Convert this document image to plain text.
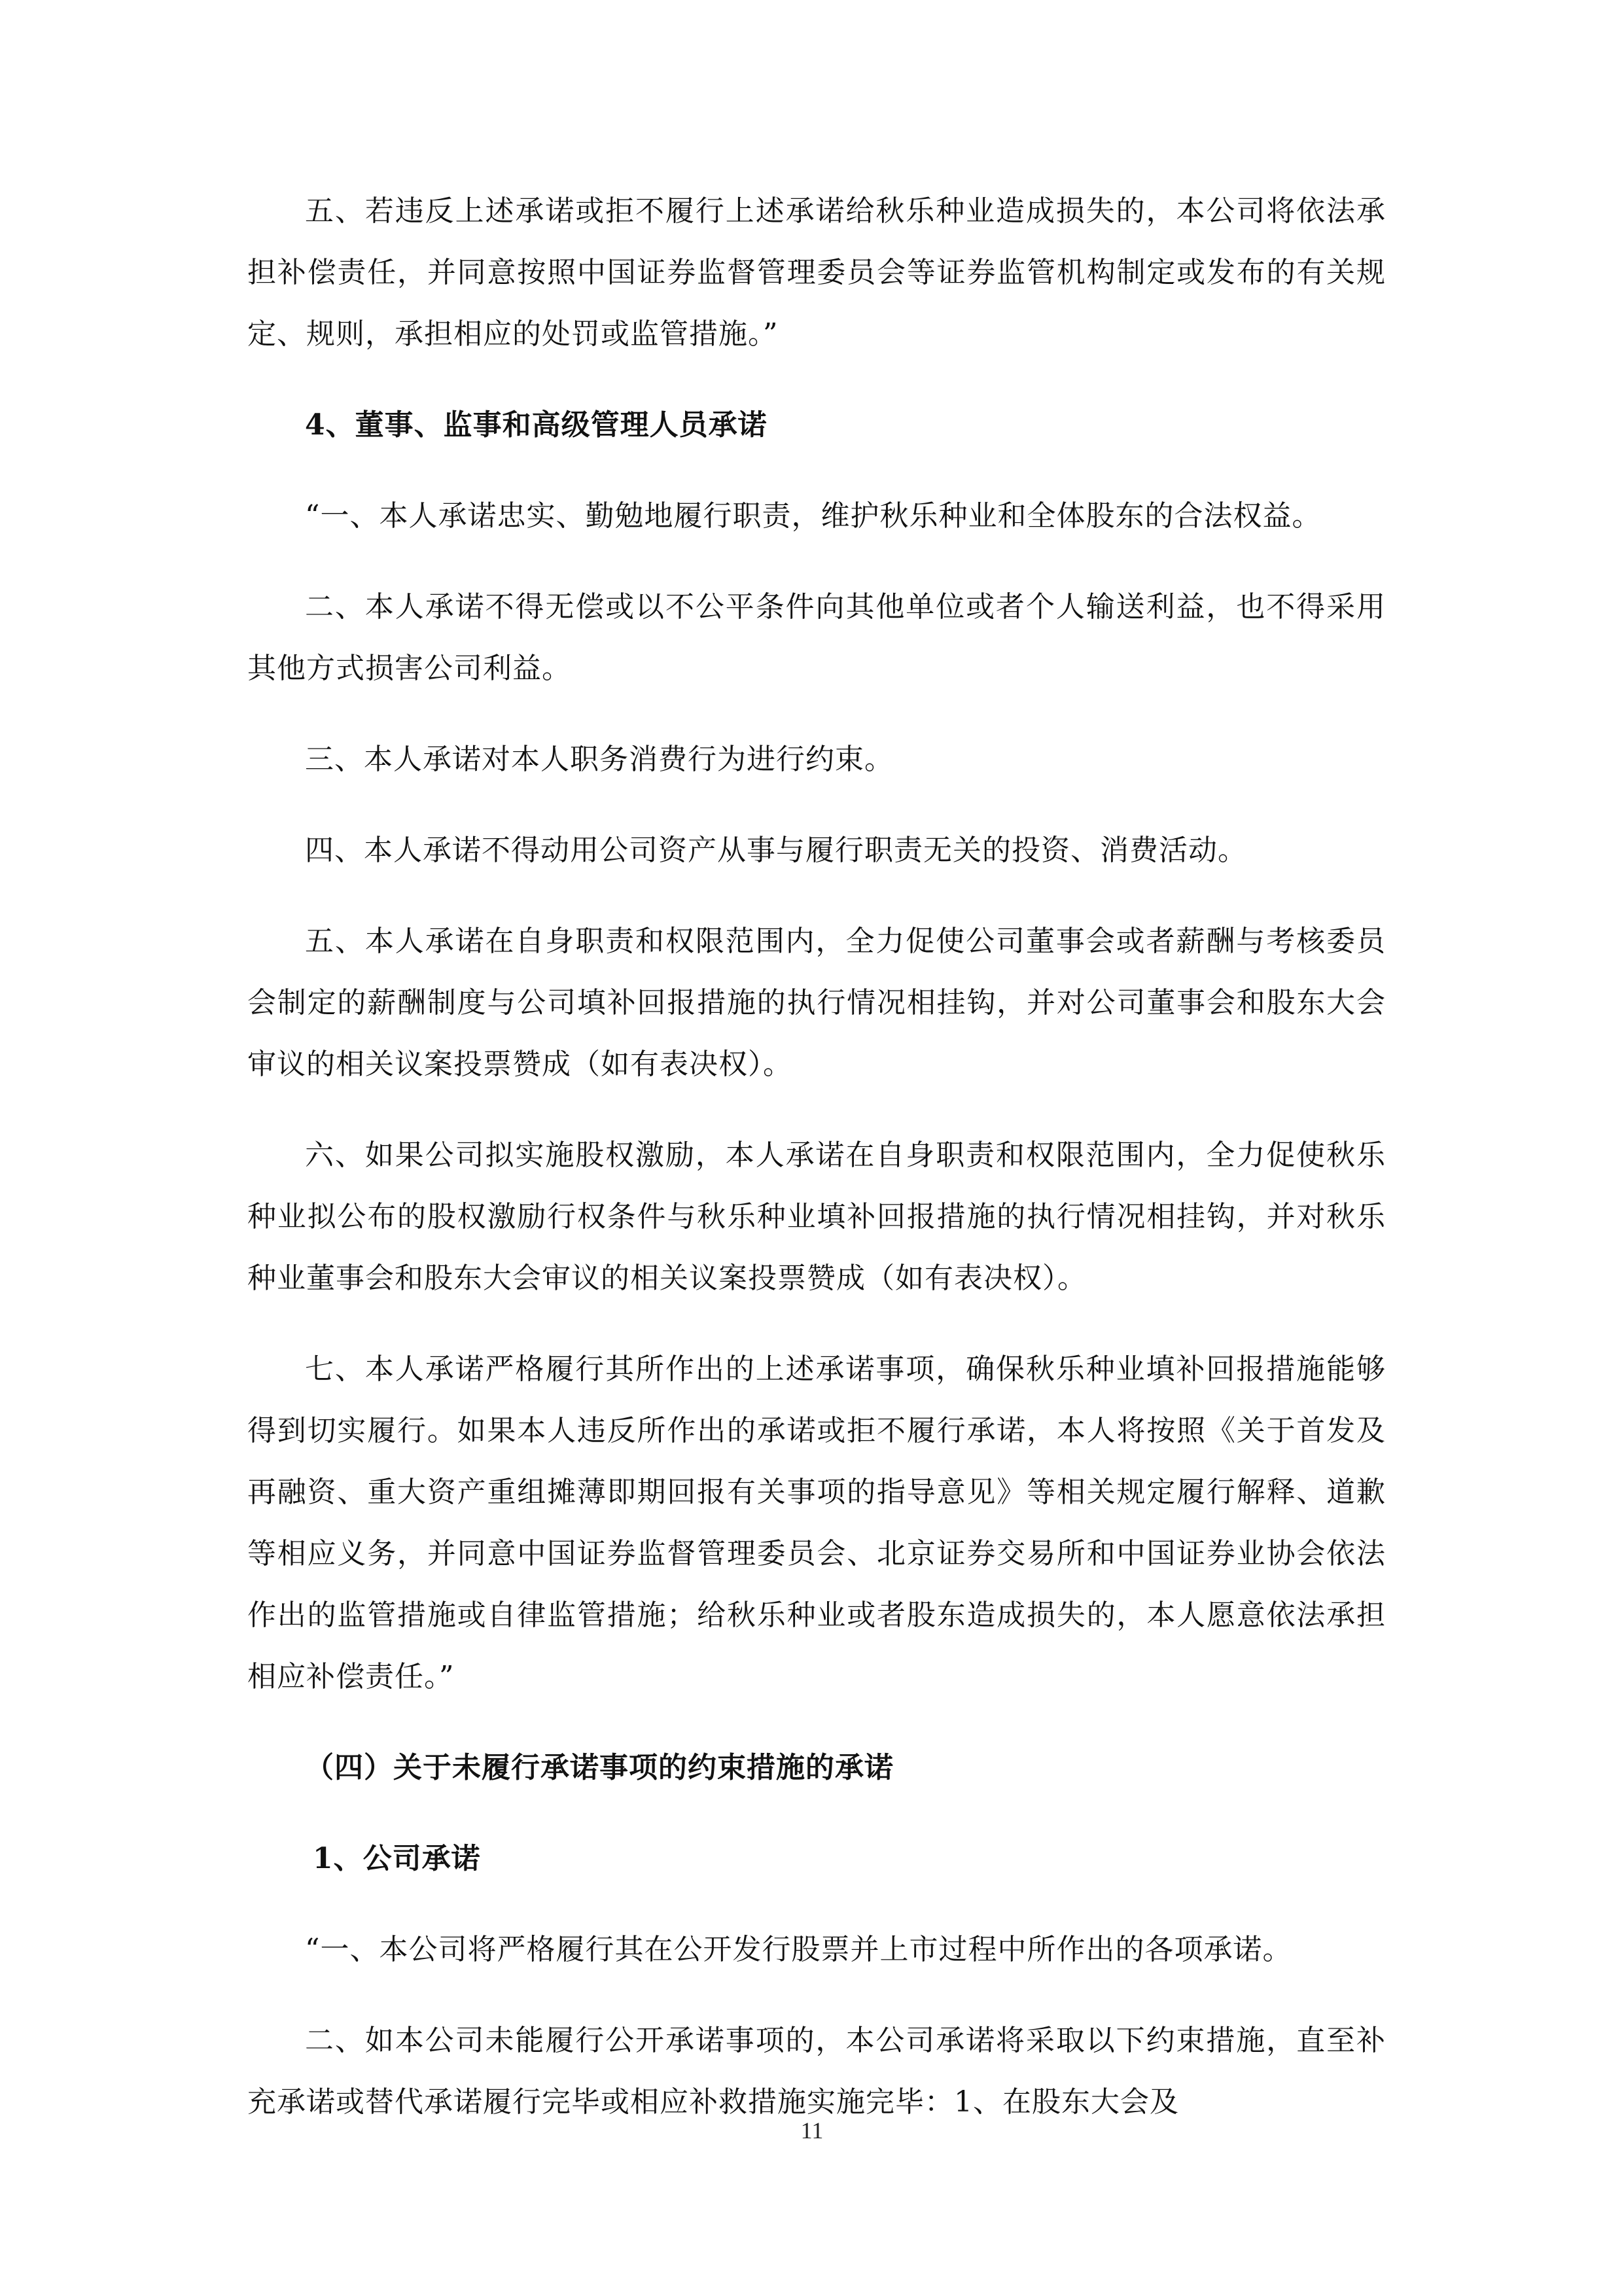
五、若违反上述承诺或拒不履行上述承诺给秋乐种业造成损失的，本公司将依法承担补偿责任，并同意按照中国证券监督管理委员会等证券监管机构制定或发布的有关规定、规则，承担相应的处罚或监管措施。”

4、董事、监事和高级管理人员承诺

“一、本人承诺忠实、勤勉地履行职责，维护秋乐种业和全体股东的合法权益。

二、本人承诺不得无偿或以不公平条件向其他单位或者个人输送利益，也不得采用其他方式损害公司利益。

三、本人承诺对本人职务消费行为进行约束。

四、本人承诺不得动用公司资产从事与履行职责无关的投资、消费活动。

五、本人承诺在自身职责和权限范围内，全力促使公司董事会或者薪酬与考核委员会制定的薪酬制度与公司填补回报措施的执行情况相挂钩，并对公司董事会和股东大会审议的相关议案投票赞成（如有表决权）。

六、如果公司拟实施股权激励，本人承诺在自身职责和权限范围内，全力促使秋乐种业拟公布的股权激励行权条件与秋乐种业填补回报措施的执行情况相挂钩，并对秋乐种业董事会和股东大会审议的相关议案投票赞成（如有表决权）。

七、本人承诺严格履行其所作出的上述承诺事项，确保秋乐种业填补回报措施能够得到切实履行。如果本人违反所作出的承诺或拒不履行承诺，本人将按照《关于首发及再融资、重大资产重组摊薄即期回报有关事项的指导意见》等相关规定履行解释、道歉等相应义务，并同意中国证券监督管理委员会、北京证券交易所和中国证券业协会依法作出的监管措施或自律监管措施；给秋乐种业或者股东造成损失的，本人愿意依法承担相应补偿责任。”

（四）关于未履行承诺事项的约束措施的承诺

1、公司承诺

“一、本公司将严格履行其在公开发行股票并上市过程中所作出的各项承诺。

二、如本公司未能履行公开承诺事项的，本公司承诺将采取以下约束措施，直至补充承诺或替代承诺履行完毕或相应补救措施实施完毕：1、在股东大会及

11
